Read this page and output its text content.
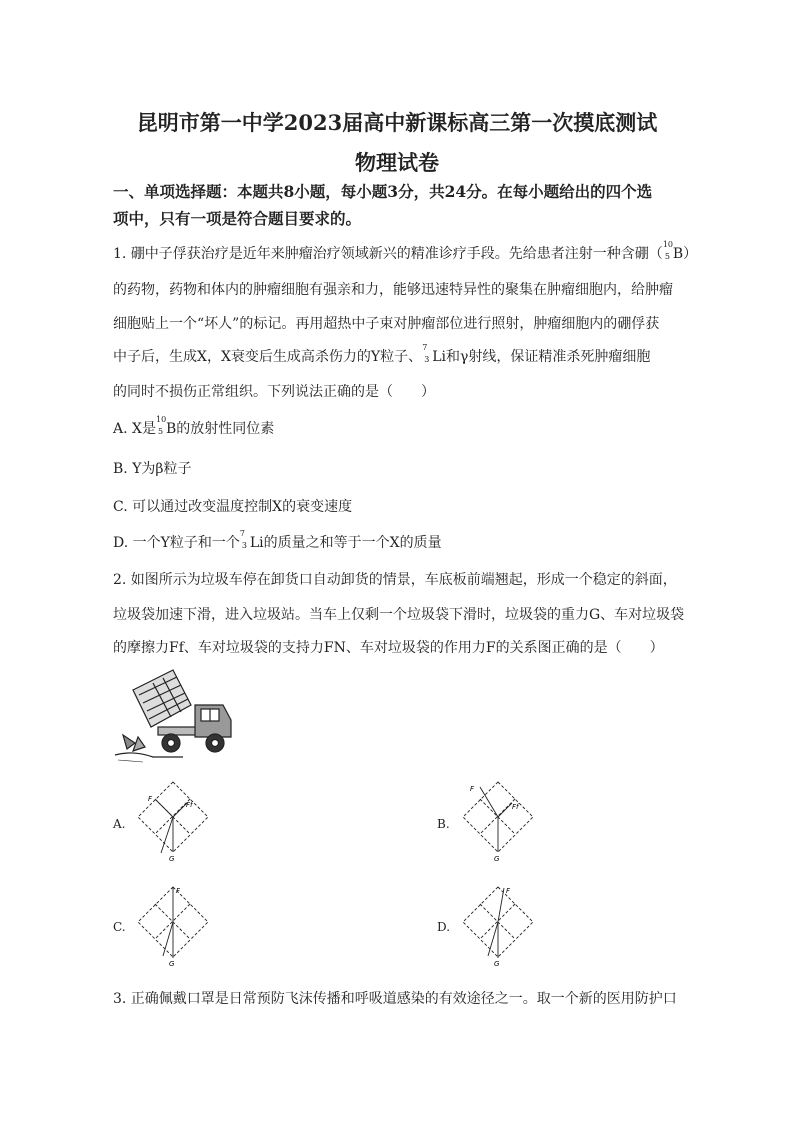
昆明市第一中学2023届高中新课标高三第一次摸底测试
物理试卷
一、单项选择题：本题共8小题，每小题3分，共24分。在每小题给出的四个选
项中，只有一项是符合题目要求的。
1. 硼中子俘获治疗是近年来肿瘤治疗领域新兴的精准诊疗手段。先给患者注射一种含硼（
10
5 B）
的药物，药物和体内的肿瘤细胞有强亲和力，能够迅速特异性的聚集在肿瘤细胞内，给肿瘤
细胞贴上一个“坏人”的标记。再用超热中子束对肿瘤部位进行照射，肿瘤细胞内的硼俘获
中子后，生成X，X衰变后生成高杀伤力的Y粒子、
7
3 Li和γ射线，保证精准杀死肿瘤细胞
的同时不损伤正常组织。下列说法正确的是（　　）
A. X是
10
5 B的放射性同位素
B. Y为β粒子
C. 可以通过改变温度控制X的衰变速度
D. 一个Y粒子和一个
7
3 Li的质量之和等于一个X的质量
2. 如图所示为垃圾车停在卸货口自动卸货的情景，车底板前端翘起，形成一个稳定的斜面，
垃圾袋加速下滑，进入垃圾站。当车上仅剩一个垃圾袋下滑时，垃圾袋的重力G、车对垃圾袋
的摩擦力Ff、车对垃圾袋的支持力FN、车对垃圾袋的作用力F的关系图正确的是（　　）
A.	B.
C.	D.
F
Ff
G
F
Ff
G
F
G
F
G
3. 正确佩戴口罩是日常预防飞沫传播和呼吸道感染的有效途径之一。取一个新的医用防护口
